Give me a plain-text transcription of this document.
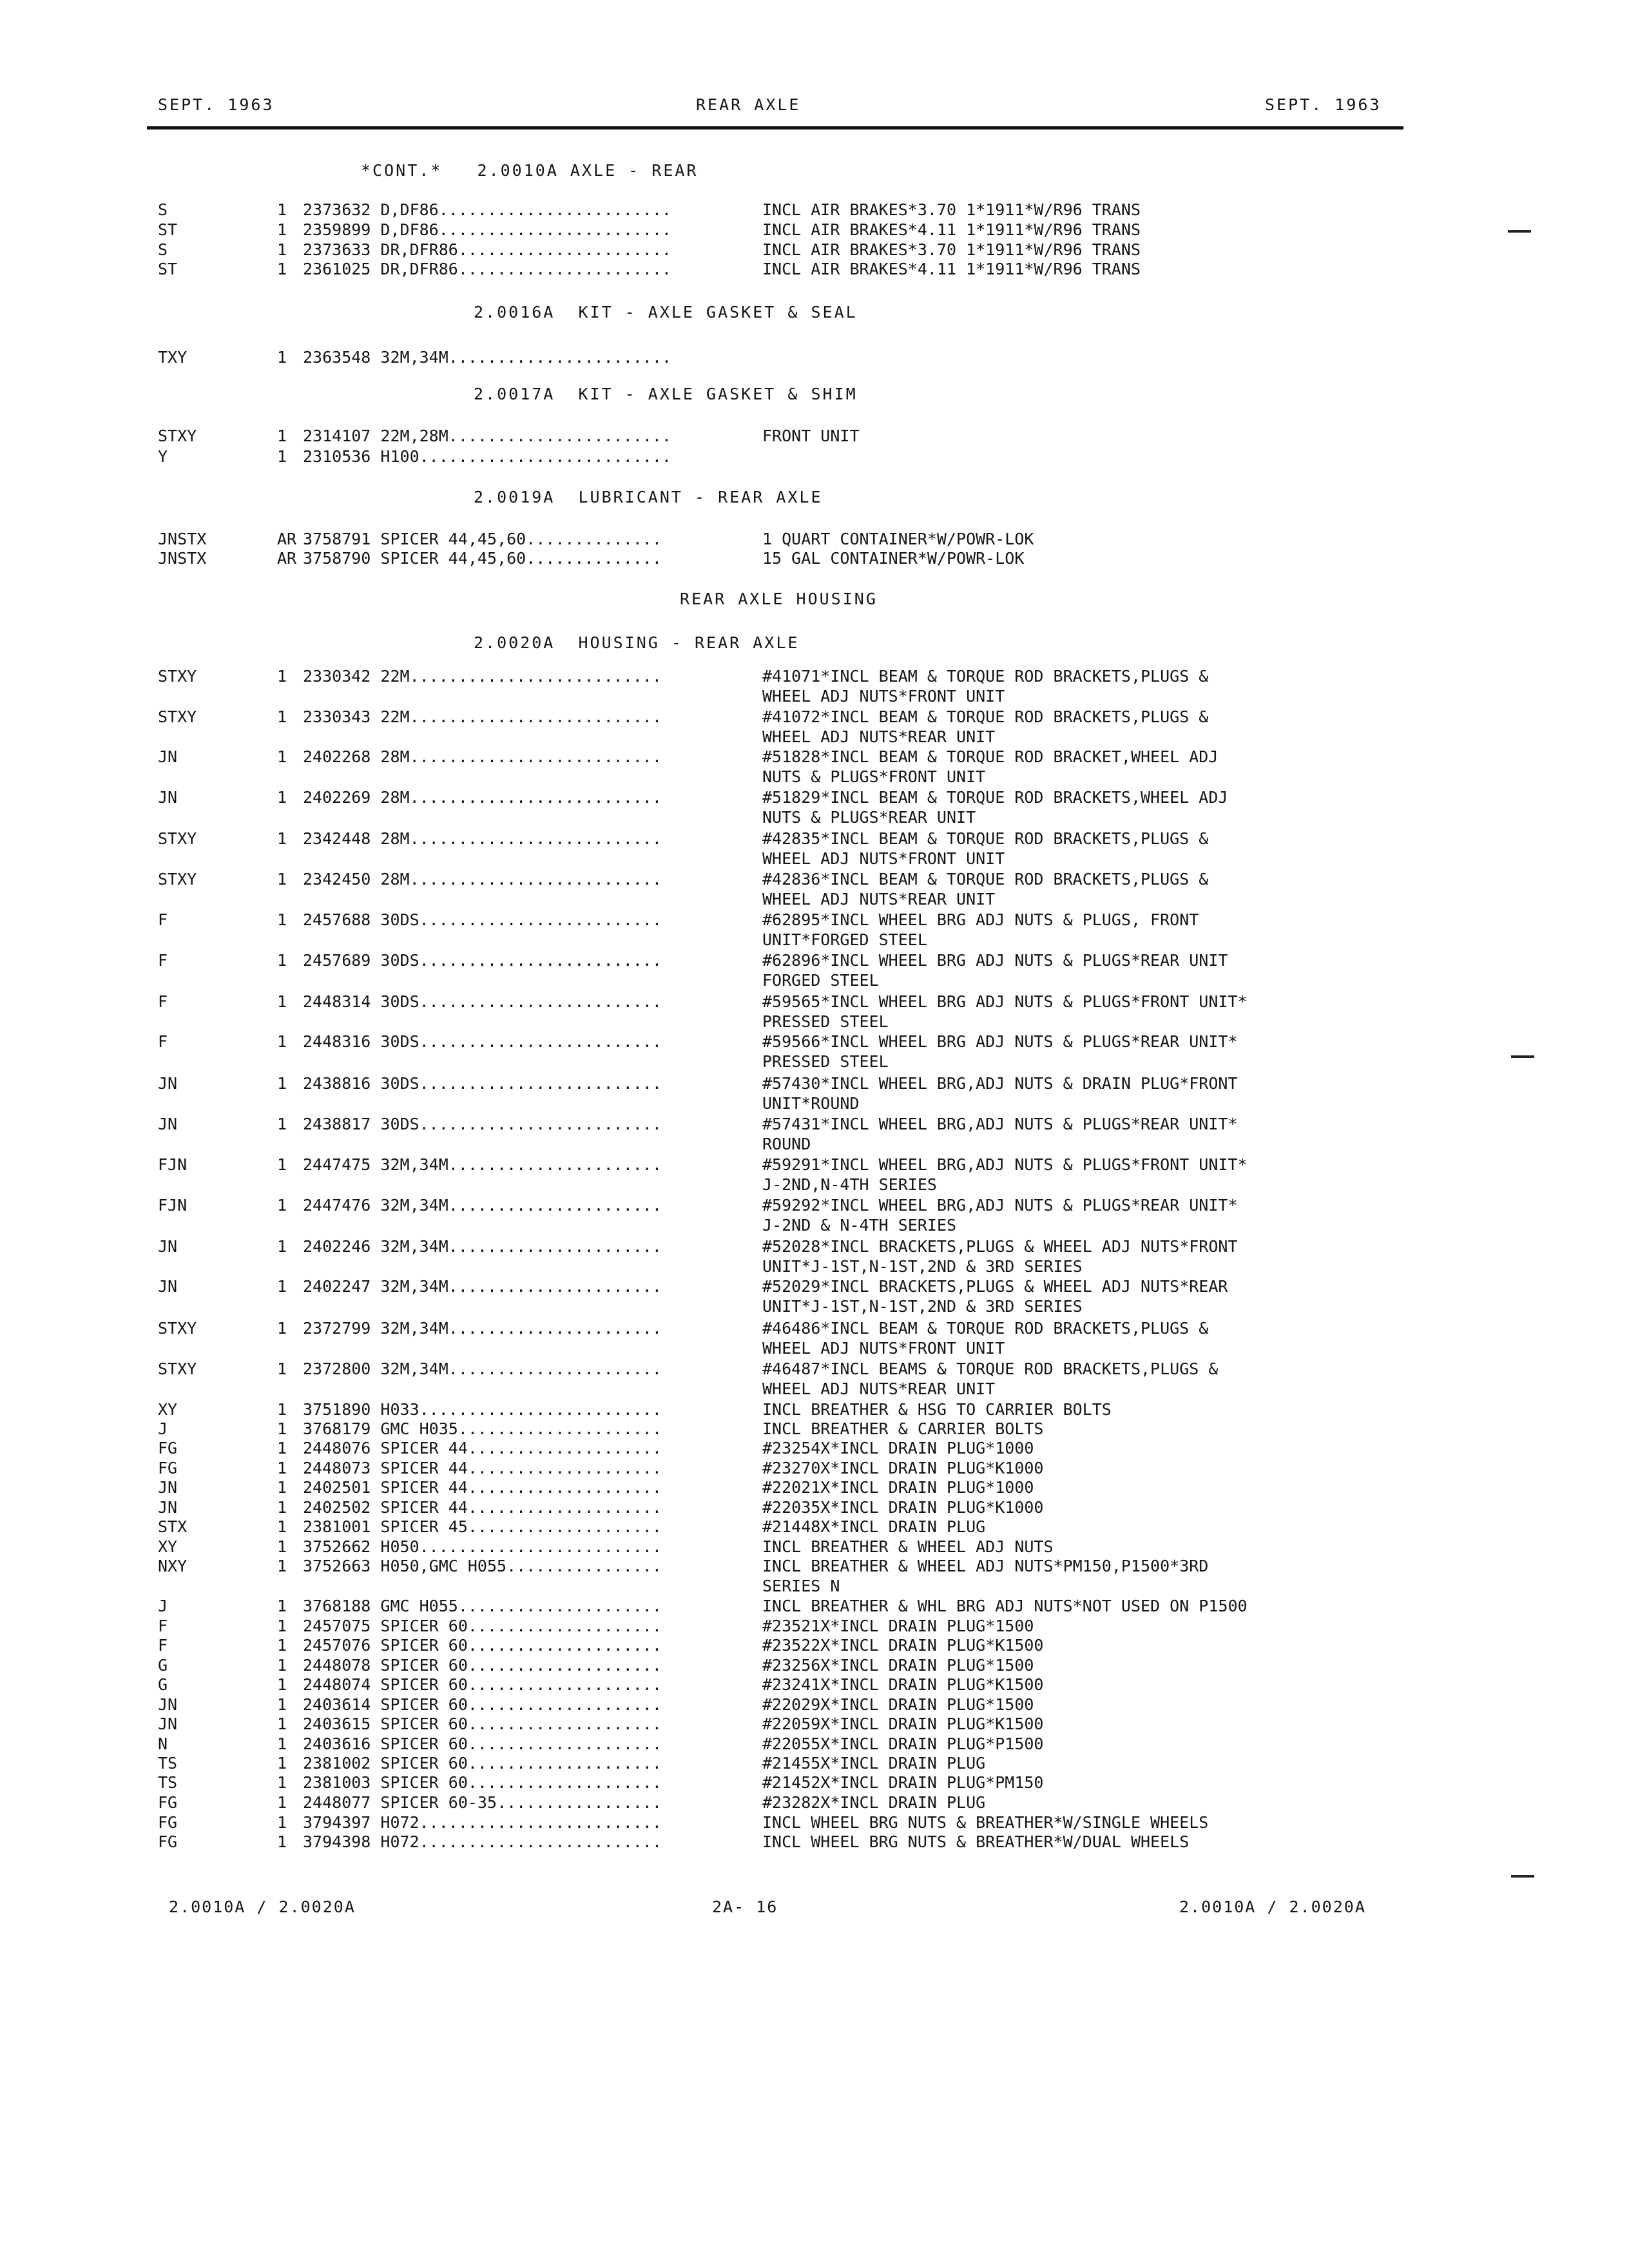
SEPT. 1963	REAR AXLE	SEPT. 1963
*CONT.*   2.0010A AXLE - REAR
2.0016A  KIT - AXLE GASKET & SEAL
2.0017A  KIT - AXLE GASKET & SHIM
2.0019A  LUBRICANT - REAR AXLE
REAR AXLE HOUSING
2.0020A  HOUSING - REAR AXLE
S	1 2373632 D,DF86........................	INCL AIR BRAKES*3.70 1*1911*W/R96 TRANS
ST	1 2359899 D,DF86........................	INCL AIR BRAKES*4.11 1*1911*W/R96 TRANS
S	1 2373633 DR,DFR86......................	INCL AIR BRAKES*3.70 1*1911*W/R96 TRANS
ST	1 2361025 DR,DFR86......................	INCL AIR BRAKES*4.11 1*1911*W/R96 TRANS
TXY	1 2363548 32M,34M.......................
STXY	1 2314107 22M,28M.......................	FRONT UNIT
Y	1 2310536 H100..........................
JNSTX	AR 3758791 SPICER 44,45,60..............	1 QUART CONTAINER*W/POWR-LOK
JNSTX	AR 3758790 SPICER 44,45,60..............	15 GAL CONTAINER*W/POWR-LOK
STXY	1 2330342 22M..........................	#41071*INCL BEAM & TORQUE ROD BRACKETS,PLUGS &
WHEEL ADJ NUTS*FRONT UNIT
STXY	1 2330343 22M..........................	#41072*INCL BEAM & TORQUE ROD BRACKETS,PLUGS &
WHEEL ADJ NUTS*REAR UNIT
JN	1 2402268 28M..........................	#51828*INCL BEAM & TORQUE ROD BRACKET,WHEEL ADJ
NUTS & PLUGS*FRONT UNIT
JN	1 2402269 28M..........................	#51829*INCL BEAM & TORQUE ROD BRACKETS,WHEEL ADJ
NUTS & PLUGS*REAR UNIT
STXY	1 2342448 28M..........................	#42835*INCL BEAM & TORQUE ROD BRACKETS,PLUGS &
WHEEL ADJ NUTS*FRONT UNIT
STXY	1 2342450 28M..........................	#42836*INCL BEAM & TORQUE ROD BRACKETS,PLUGS &
WHEEL ADJ NUTS*REAR UNIT
F	1 2457688 30DS.........................	#62895*INCL WHEEL BRG ADJ NUTS & PLUGS, FRONT
UNIT*FORGED STEEL
F	1 2457689 30DS.........................	#62896*INCL WHEEL BRG ADJ NUTS & PLUGS*REAR UNIT
FORGED STEEL
F	1 2448314 30DS.........................	#59565*INCL WHEEL BRG ADJ NUTS & PLUGS*FRONT UNIT*
PRESSED STEEL
F	1 2448316 30DS.........................	#59566*INCL WHEEL BRG ADJ NUTS & PLUGS*REAR UNIT*
PRESSED STEEL
JN	1 2438816 30DS.........................	#57430*INCL WHEEL BRG,ADJ NUTS & DRAIN PLUG*FRONT
UNIT*ROUND
JN	1 2438817 30DS.........................	#57431*INCL WHEEL BRG,ADJ NUTS & PLUGS*REAR UNIT*
ROUND
FJN	1 2447475 32M,34M......................	#59291*INCL WHEEL BRG,ADJ NUTS & PLUGS*FRONT UNIT*
J-2ND,N-4TH SERIES
FJN	1 2447476 32M,34M......................	#59292*INCL WHEEL BRG,ADJ NUTS & PLUGS*REAR UNIT*
J-2ND & N-4TH SERIES
JN	1 2402246 32M,34M......................	#52028*INCL BRACKETS,PLUGS & WHEEL ADJ NUTS*FRONT
UNIT*J-1ST,N-1ST,2ND & 3RD SERIES
JN	1 2402247 32M,34M......................	#52029*INCL BRACKETS,PLUGS & WHEEL ADJ NUTS*REAR
UNIT*J-1ST,N-1ST,2ND & 3RD SERIES
STXY	1 2372799 32M,34M......................	#46486*INCL BEAM & TORQUE ROD BRACKETS,PLUGS &
WHEEL ADJ NUTS*FRONT UNIT
STXY	1 2372800 32M,34M......................	#46487*INCL BEAMS & TORQUE ROD BRACKETS,PLUGS &
WHEEL ADJ NUTS*REAR UNIT
XY	1 3751890 H033.........................	INCL BREATHER & HSG TO CARRIER BOLTS
J	1 3768179 GMC H035.....................	INCL BREATHER & CARRIER BOLTS
FG	1 2448076 SPICER 44....................	#23254X*INCL DRAIN PLUG*1000
FG	1 2448073 SPICER 44....................	#23270X*INCL DRAIN PLUG*K1000
JN	1 2402501 SPICER 44....................	#22021X*INCL DRAIN PLUG*1000
JN	1 2402502 SPICER 44....................	#22035X*INCL DRAIN PLUG*K1000
STX	1 2381001 SPICER 45....................	#21448X*INCL DRAIN PLUG
XY	1 3752662 H050.........................	INCL BREATHER & WHEEL ADJ NUTS
NXY	1 3752663 H050,GMC H055................	INCL BREATHER & WHEEL ADJ NUTS*PM150,P1500*3RD
SERIES N
J	1 3768188 GMC H055.....................	INCL BREATHER & WHL BRG ADJ NUTS*NOT USED ON P1500
F	1 2457075 SPICER 60....................	#23521X*INCL DRAIN PLUG*1500
F	1 2457076 SPICER 60....................	#23522X*INCL DRAIN PLUG*K1500
G	1 2448078 SPICER 60....................	#23256X*INCL DRAIN PLUG*1500
G	1 2448074 SPICER 60....................	#23241X*INCL DRAIN PLUG*K1500
JN	1 2403614 SPICER 60....................	#22029X*INCL DRAIN PLUG*1500
JN	1 2403615 SPICER 60....................	#22059X*INCL DRAIN PLUG*K1500
N	1 2403616 SPICER 60....................	#22055X*INCL DRAIN PLUG*P1500
TS	1 2381002 SPICER 60....................	#21455X*INCL DRAIN PLUG
TS	1 2381003 SPICER 60....................	#21452X*INCL DRAIN PLUG*PM150
FG	1 2448077 SPICER 60-35.................	#23282X*INCL DRAIN PLUG
FG	1 3794397 H072.........................	INCL WHEEL BRG NUTS & BREATHER*W/SINGLE WHEELS
FG	1 3794398 H072.........................	INCL WHEEL BRG NUTS & BREATHER*W/DUAL WHEELS
2.0010A / 2.0020A	2A- 16	2.0010A / 2.0020A
